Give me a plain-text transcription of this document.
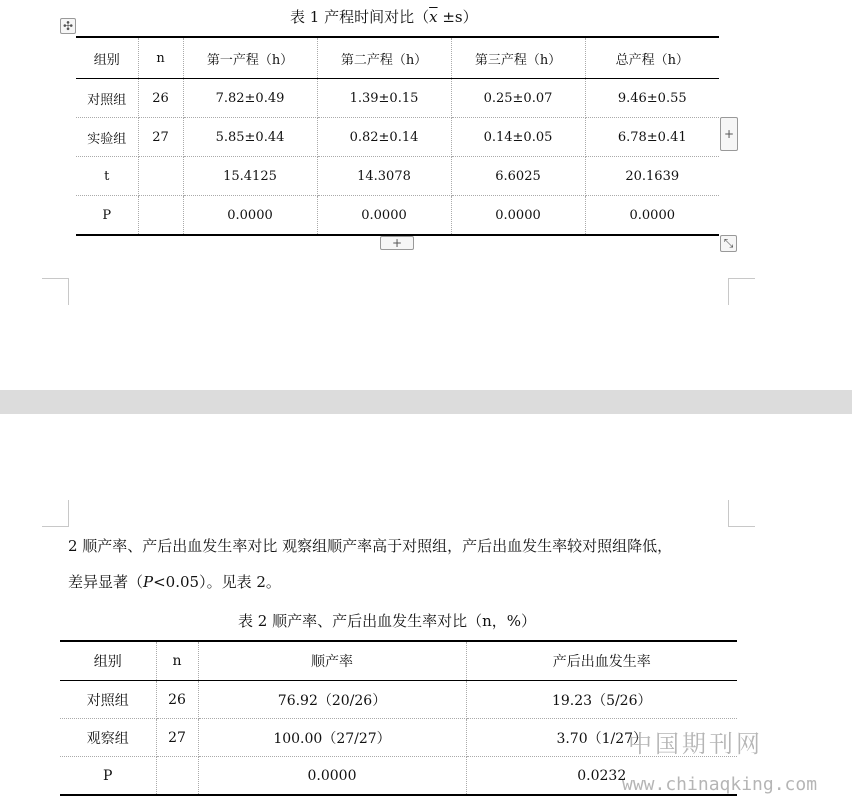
表 1 产程时间对比$(\overline{x} \pm s)$
✣
组别	n	第一产程（h）	第二产程（h）	第三产程（h）	总产程（h）
对照组	26	7.82±0.49	1.39±0.15	0.25±0.07	9.46±0.55
实验组	27	5.85±0.44	0.82±0.14	0.14±0.05	6.78±0.41
t		15.4125	14.3078	6.6025	20.1639
P		0.0000	0.0000	0.0000	0.0000
+
+	⤡
2 顺产率、产后出血发生率对比 观察组顺产率高于对照组，产后出血发生率较对照组降低，
差异显著（P<0.05）。见表 2。
表 2 顺产率、产后出血发生率对比（n，%）
组别	n	顺产率	产后出血发生率
对照组	26	76.92（20/26）	19.23（5/26）
观察组	27	100.00（27/27）	3.70（1/27）
P		0.0000	0.0232
中国期刊网
www.chinaqking.com
